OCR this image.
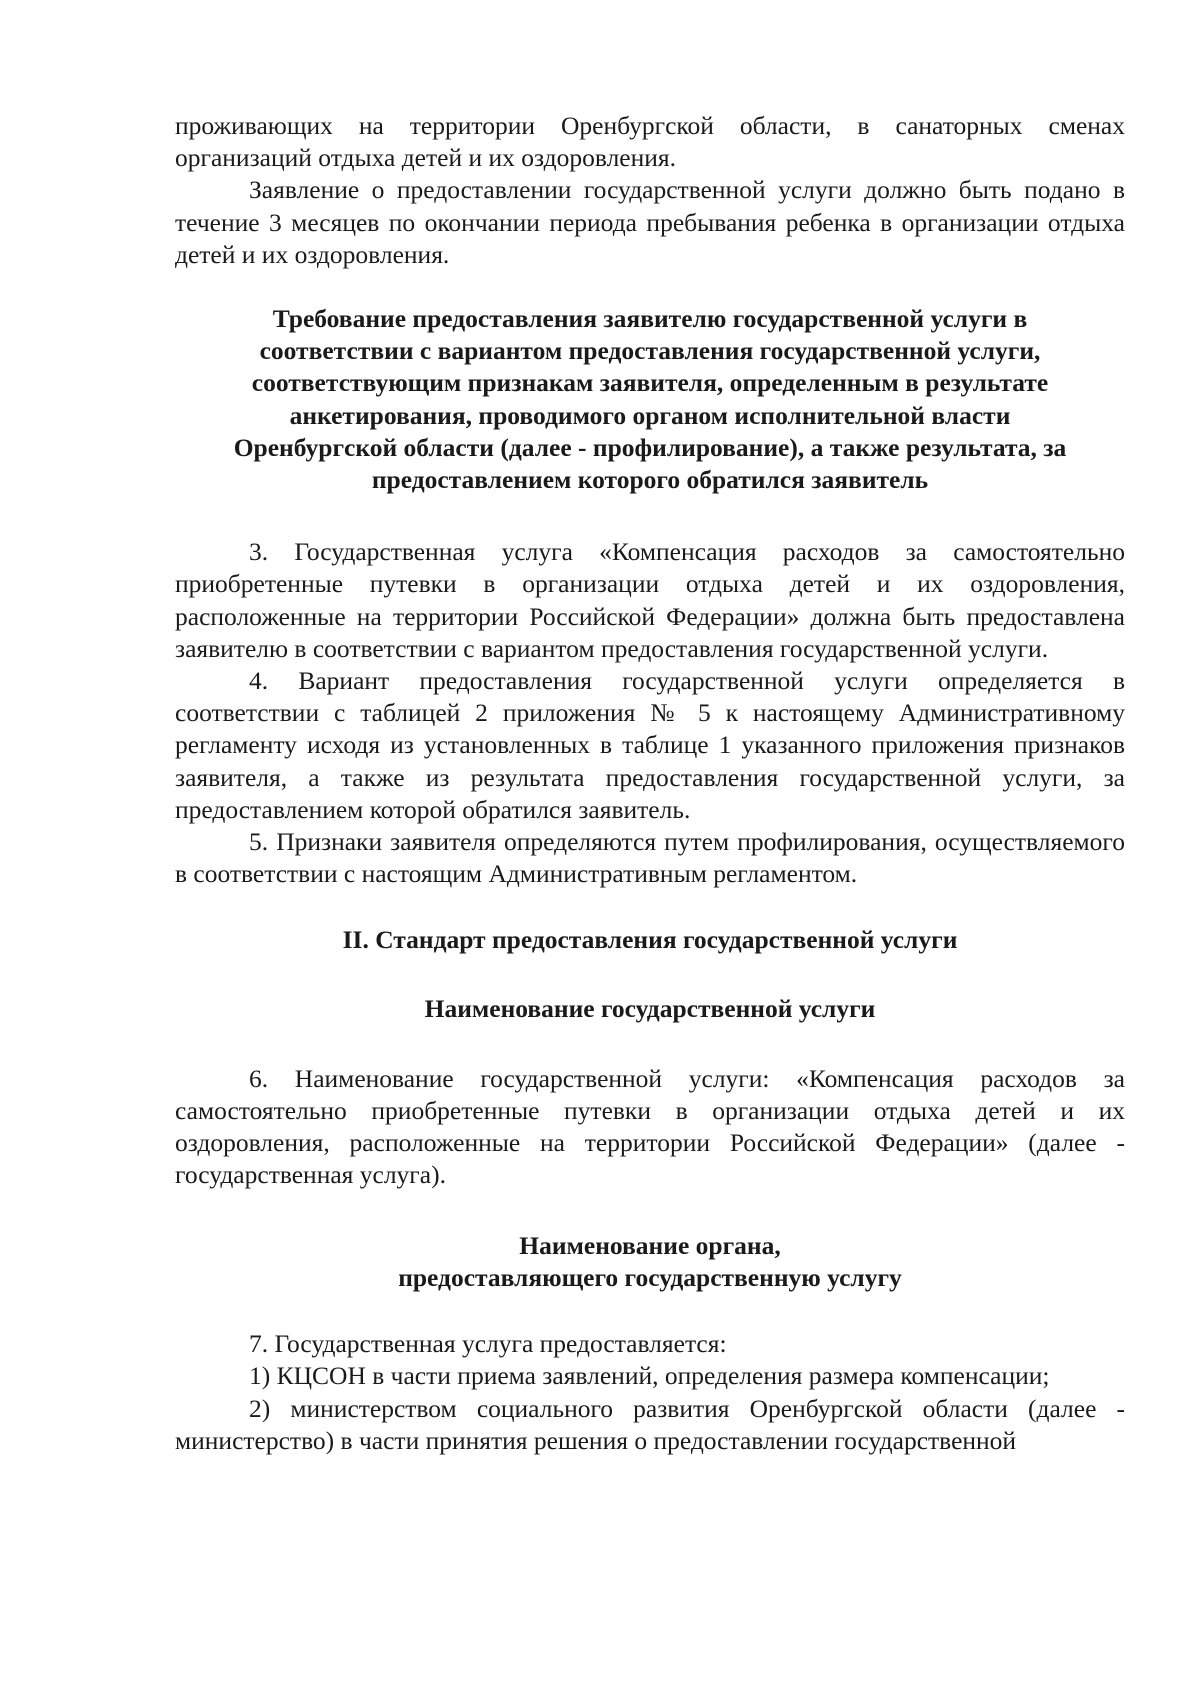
проживающих на территории Оренбургской области, в санаторных сменах организаций отдыха детей и их оздоровления.

Заявление о предоставлении государственной услуги должно быть подано в течение 3 месяцев по окончании периода пребывания ребенка в организации отдыха детей и их оздоровления.

Требование предоставления заявителю государственной услуги в
соответствии с вариантом предоставления государственной услуги,
соответствующим признакам заявителя, определенным в результате
анкетирования, проводимого органом исполнительной власти
Оренбургской области (далее - профилирование), а также результата, за
предоставлением которого обратился заявитель

3. Государственная услуга «Компенсация расходов за самостоятельно приобретенные путевки в организации отдыха детей и их оздоровления, расположенные на территории Российской Федерации» должна быть предоставлена заявителю в соответствии с вариантом предоставления государственной услуги.

4. Вариант предоставления государственной услуги определяется в соответствии с таблицей 2 приложения № 5 к настоящему Административному регламенту исходя из установленных в таблице 1 указанного приложения признаков заявителя, а также из результата предоставления государственной услуги, за предоставлением которой обратился заявитель.

5. Признаки заявителя определяются путем профилирования, осуществляемого в соответствии с настоящим Административным регламентом.

II. Стандарт предоставления государственной услуги

Наименование государственной услуги

6. Наименование государственной услуги: «Компенсация расходов за самостоятельно приобретенные путевки в организации отдыха детей и их оздоровления, расположенные на территории Российской Федерации» (далее - государственная услуга).

Наименование органа,
предоставляющего государственную услугу

7. Государственная услуга предоставляется:

1) КЦСОН в части приема заявлений, определения размера компенсации;

2) министерством социального развития Оренбургской области (далее - министерство) в части принятия решения о предоставлении государственной
